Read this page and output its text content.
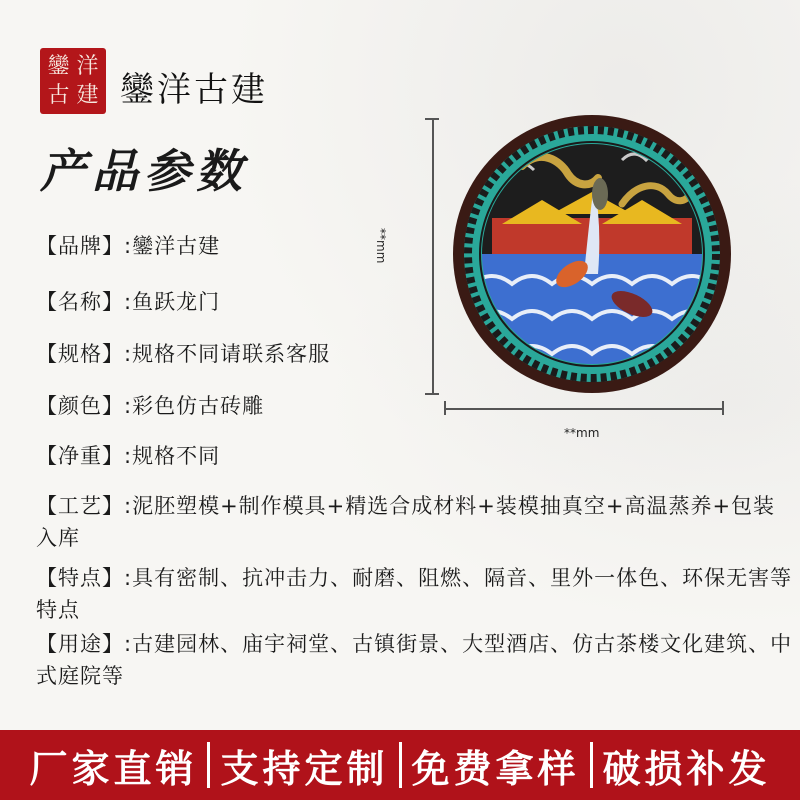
鑾 洋
古 建 鑾洋古建
产品参数
【品牌】:鑾洋古建
【名称】:鱼跃龙门
【规格】:规格不同请联系客服
【颜色】:彩色仿古砖雕
【净重】:规格不同
【工艺】:泥胚塑模+制作模具+精选合成材料+装模抽真空+高温蒸养+包装入库
【特点】:具有密制、抗冲击力、耐磨、阻燃、隔音、里外一体色、环保无害等特点
【用途】:古建园林、庙宇祠堂、古镇街景、大型酒店、仿古茶楼文化建筑、中式庭院等
**mm
**mm
厂家直销 支持定制 免费拿样 破损补发
